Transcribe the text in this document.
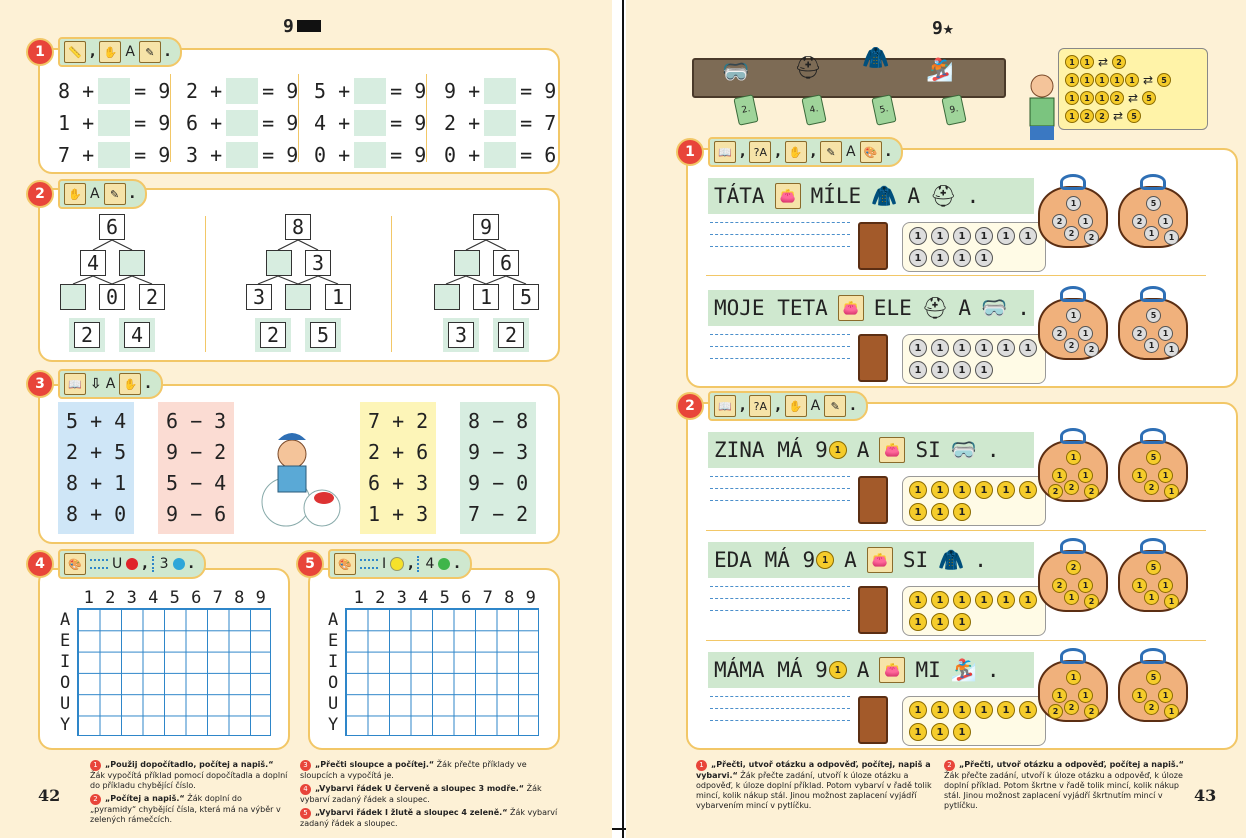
9
1	📏 , ✋ A ✎ .
8 + = 9 2 + = 9 5 + = 9 9 + = 9
1 + = 9 6 + = 9 4 + = 9 2 + = 7
7 + = 9 3 + = 9 0 + = 9 0 + = 6
2	✋ A ✎ .
6
4
0	2
2	4
8
3
3	1
2	5
9
6
1	5
3	2
3	📖 ⇩ A ✋ .
5 + 4
2 + 5
8 + 1
8 + 0
6 − 3
9 − 2
5 − 4
9 − 6
7 + 2
2 + 6
6 + 3
1 + 3
8 − 8
9 − 3
9 − 0
7 − 2
4	🎨 U , 3 .
1 2 3 4 5 6 7 8 9
A
E
I
O
U
Y
5	🎨 I , 4 .
1 2 3 4 5 6 7 8 9
A
E
I
O
U
Y
1 „Použij dopočítadlo, počítej a napiš.“ Žák vypočítá příklad pomocí dopočítadla a doplní do příkladu chybějící číslo.
2 „Počítej a napiš.“ Žák doplní do „pyramidy“ chybějící čísla, která má na výběr v zelených rámečcích.
3 „Přečti sloupce a počítej.“ Žák přečte příklady ve sloupcích a vypočítá je.
4 „Vybarvi řádek U červeně a sloupec 3 modře.“ Žák vybarví zadaný řádek a sloupec.
5 „Vybarvi řádek I žlutě a sloupec 4 zeleně.“ Žák vybarví zadaný řádek a sloupec.
42
9★
🥽 ⛑ 🧥 🏂
2.	4.	5.	9.
1	1 ⇄	2
1	1	1	1	1 ⇄	5
1	1	1	2 ⇄	5
1	2	2 ⇄	5
1	📖 , ?A , ✋ , ✎ A 🎨 .
2	📖 , ?A , ✋ A ✎ .
TÁTA	👛 MÍLE 🧥 A ⛑ .
1	1	1	1	1	1
1	1	1	1
1
2	1
2	2
5
2	1
1	1
MOJE TETA	👛 ELE ⛑ A 🥽 .
1	1	1	1	1	1
1	1	1	1
1
2	1
2	2
5
2	1
1	1
ZINA MÁ 9 1 A	👛 SI 🥽 .
1	1	1	1	1	1
1	1	1
1
1	1
2	2
2
5
1	1
2	1
EDA MÁ 9 1 A	👛 SI 🧥 .
1	1	1	1	1	1
1	1	1
2
2	1
1	2
5
1	1
1	1
MÁMA MÁ 9 1 A	👛 MI 🏂 .
1	1	1	1	1	1
1	1	1
1
1	1
2	2
2
5
1	1
2	1
1 „Přečti, utvoř otázku a odpověď, počítej, napiš a vybarvi.“ Žák přečte zadání, utvoří k úloze otázku a odpověď, k úloze doplní příklad. Potom vybarví v řadě tolik mincí, kolik nákup stál. Jinou možnost zaplacení vyjádří vybarvením mincí v pytlíčku.
2 „Přečti, utvoř otázku a odpověď, počítej a napiš.“ Žák přečte zadání, utvoří k úloze otázku a odpověď, k úloze doplní příklad. Potom škrtne v řadě tolik mincí, kolik nákup stál. Jinou možnost zaplacení vyjádří škrtnutím mincí v pytlíčku.
43
